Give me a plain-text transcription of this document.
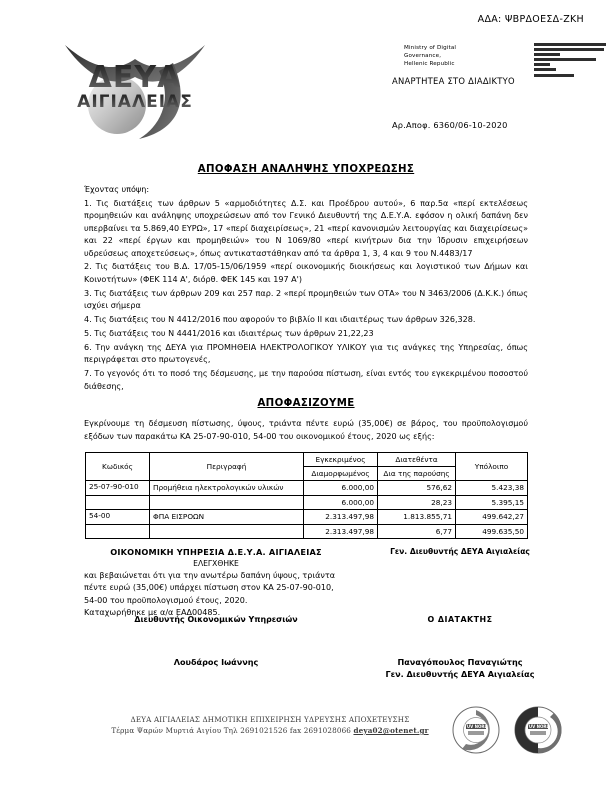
ΑΔΑ: ΨΒΡΔΟΕΣΔ-ΖΚΗ
ΔΕΥΑ
ΑΙΓΙΑΛΕΙΑΣ
Ministry of Digital
Governance,
Hellenic Republic
ΑΝΑΡΤΗΤΕΑ ΣΤΟ ΔΙΑΔΙΚΤΥΟ
Αρ.Απoφ. 6360/06-10-2020
ΑΠΟΦΑΣΗ ΑΝΑΛΗΨΗΣ ΥΠΟΧΡΕΩΣΗΣ

Έχοντας υπόψη:

1. Τις διατάξεις των άρθρων 5 «αρμοδιότητες Δ.Σ. και Προέδρου αυτού», 6 παρ.5α «περί εκτελέσεως προμηθειών και ανάληψης υποχρεώσεων από τον Γενικό Διευθυντή της Δ.Ε.Υ.Α. εφόσον η ολική δαπάνη δεν υπερβαίνει τα 5.869,40 ΕΥΡΩ», 17 «περί διαχειρίσεως», 21 «περί κανονισμών λειτουργίας και διαχειρίσεως» και 22 «περί έργων και προμηθειών» του Ν 1069/80 «περί κινήτρων δια την Ίδρυσιν επιχειρήσεων υδρεύσεως αποχετεύσεως», όπως αντικαταστάθηκαν από τα άρθρα 1, 3, 4 και 9 του Ν.4483/17

2. Τις διατάξεις του Β.Δ. 17/05-15/06/1959 «περί οικονομικής διοικήσεως και λογιστικού των Δήμων και Κοινοτήτων» (ΦΕΚ 114 Α', διόρθ. ΦΕΚ 145 και 197 Α')

3. Τις διατάξεις των άρθρων 209 και 257 παρ. 2 «περί προμηθειών των ΟΤΑ» του Ν 3463/2006 (Δ.Κ.Κ.) όπως ισχύει σήμερα

4. Τις διατάξεις του Ν 4412/2016 που αφορούν το βιβλίο ΙΙ και ιδιαιτέρως των άρθρων 326,328.

5. Τις διατάξεις του Ν 4441/2016 και ιδιαιτέρως των άρθρων 21,22,23

6. Την ανάγκη της ΔΕΥΑ για ΠΡΟΜΗΘΕΙΑ ΗΛΕΚΤΡΟΛΟΓΙΚΟΥ ΥΛΙΚΟΥ για τις ανάγκες της Υπηρεσίας, όπως περιγράφεται στο πρωτογενές,

7. Το γεγονός ότι το ποσό της δέσμευσης, με την παρούσα πίστωση, είναι εντός του εγκεκριμένου ποσοστού διάθεσης,

ΑΠΟΦΑΣΙΖΟΥΜΕ

Εγκρίνουμε τη δέσμευση πίστωσης, ύψους, τριάντα πέντε ευρώ (35,00€) σε βάρος, του προϋπολογισμού εξόδων των παρακάτω ΚΑ 25-07-90-010, 54-00 του οικονομικού έτους, 2020 ως εξής:

Κωδικός	Περιγραφή	Εγκεκριμένος	Διατεθέντα	Υπόλοιπο
		Διαμορφωμένος	Δια της παρούσης	
25-07-90-010	Προμήθεια ηλεκτρολογικών υλικών	6.000,00	576,62	5.423,38
		6.000,00	28,23	5.395,15
54-00	ΦΠΑ ΕΙΣΡΟΩΝ	2.313.497,98	1.813.855,71	499.642,27
		2.313.497,98	6,77	499.635,50
ΟΙΚΟΝΟΜΙΚΗ ΥΠΗΡΕΣΙΑ Δ.Ε.Υ.Α. ΑΙΓΙΑΛΕΙΑΣ	Γεν. Διευθυντής ΔΕΥΑ Αιγιαλείας
ΕΛΕΓΧΘΗΚΕ

και βεβαιώνεται ότι για την ανωτέρω δαπάνη ύψους, τριάντα

πέντε ευρώ (35,00€) υπάρχει πίστωση στον ΚΑ 25-07-90-010,

54-00 του προϋπολογισμού έτους, 2020.

Καταχωρήθηκε με α/α ΕΑΔ00485.

Διευθυντής Οικονομικών Υπηρεσιών	Ο ΔΙΑΤΑΚΤΗΣ
Λουδάρος Ιωάννης	Παναγόπουλος Παναγιώτης
Γεν. Διευθυντής ΔΕΥΑ Αιγιαλείας
ΔΕΥΑ ΑΙΓΙΑΛΕΙΑΣ ΔΗΜΟΤΙΚΗ ΕΠΙΧΕΙΡΗΣΗ ΥΔΡΕΥΣΗΣ ΑΠΟΧΕΤΕΥΣΗΣ
Τέρμα Ψαρών Μυρτιά Αιγίου Τηλ 2691021526 fax 2691028066 deya02@otenet.gr	TUV NORD	TUV NORD
